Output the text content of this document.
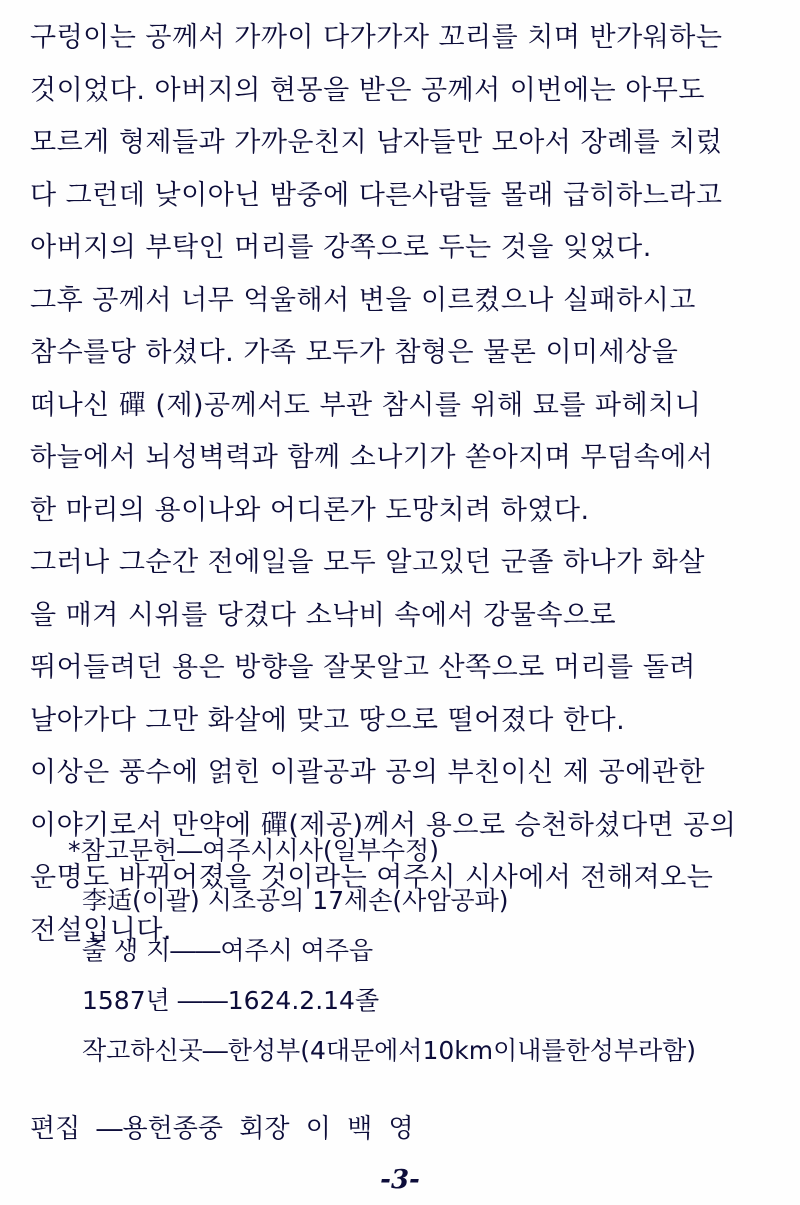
구렁이는 공께서 가까이 다가가자 꼬리를 치며 반가워하는
것이었다. 아버지의 현몽을 받은 공께서 이번에는 아무도
모르게 형제들과 가까운친지 남자들만 모아서 장례를 치렀
다 그런데 낮이아닌 밤중에 다른사람들 몰래 급히하느라고
아버지의 부탁인 머리를 강쪽으로 두는 것을 잊었다.
그후 공께서 너무 억울해서 변을 이르켰으나 실패하시고
참수를당 하셨다. 가족 모두가 참형은 물론 이미세상을
떠나신 磾 (제)공께서도 부관 참시를 위해 묘를 파헤치니
하늘에서 뇌성벽력과 함께 소나기가 쏟아지며 무덤속에서
한 마리의 용이나와 어디론가 도망치려 하였다.
그러나 그순간 전에일을 모두 알고있던 군졸 하나가 화살
을 매겨 시위를 당겼다 소낙비 속에서 강물속으로
뛰어들려던 용은 방향을 잘못알고 산쪽으로 머리를 돌려
날아가다 그만 화살에 맞고 땅으로 떨어졌다 한다.
이상은 풍수에 얽힌 이괄공과 공의 부친이신 제 공에관한
이야기로서 만약에 磾(제공)께서 용으로 승천하셨다면 공의
운명도 바뀌어졌을 것이라는 여주시 시사에서 전해져오는
전설입니다.
*참고문헌―여주시시사(일부수정)
李适(이괄) 시조공의 17세손(사암공파)
출 생 지――여주시 여주읍
1587년 ――1624.2.14졸
작고하신곳―한성부(4대문에서10km이내를한성부라함)
편집 ―용헌종중 회장 이 백 영
-3-
